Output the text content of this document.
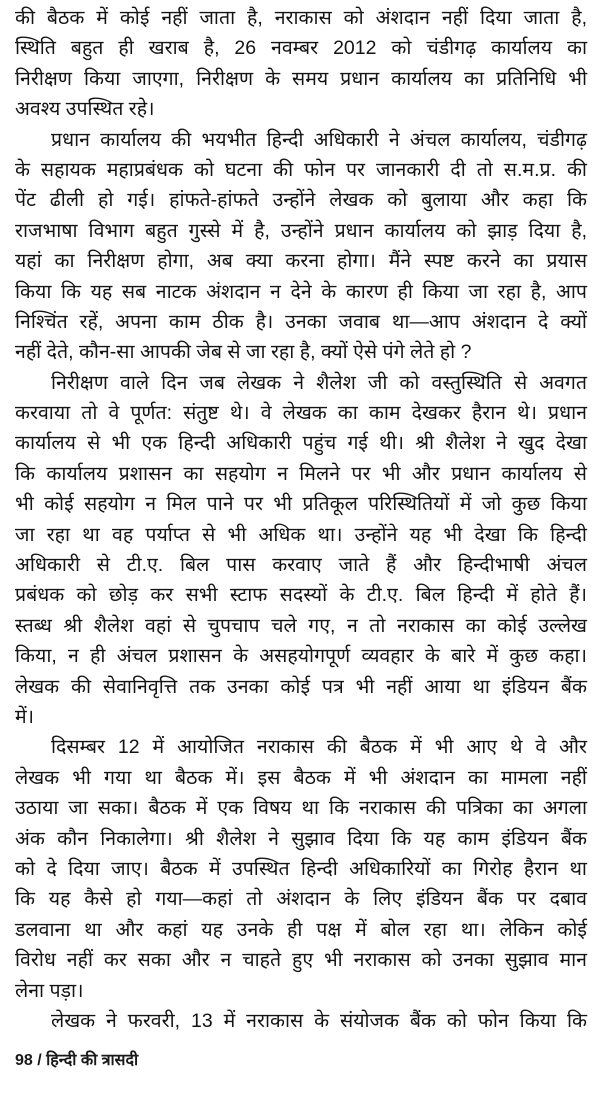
की बैठक में कोई नहीं जाता है, नराकास को अंशदान नहीं दिया जाता है,
स्थिति बहुत ही खराब है, 26 नवम्बर 2012 को चंडीगढ़ कार्यालय का
निरीक्षण किया जाएगा, निरीक्षण के समय प्रधान कार्यालय का प्रतिनिधि भी
अवश्य उपस्थित रहे।
प्रधान कार्यालय की भयभीत हिन्दी अधिकारी ने अंचल कार्यालय, चंडीगढ़
के सहायक महाप्रबंधक को घटना की फोन पर जानकारी दी तो स.म.प्र. की
पेंट ढीली हो गई। हांफते-हांफते उन्होंने लेखक को बुलाया और कहा कि
राजभाषा विभाग बहुत गुस्से में है, उन्होंने प्रधान कार्यालय को झाड़ दिया है,
यहां का निरीक्षण होगा, अब क्या करना होगा। मैंने स्पष्ट करने का प्रयास
किया कि यह सब नाटक अंशदान न देने के कारण ही किया जा रहा है, आप
निश्चिंत रहें, अपना काम ठीक है। उनका जवाब था—आप अंशदान दे क्यों
नहीं देते, कौन-सा आपकी जेब से जा रहा है, क्यों ऐसे पंगे लेते हो ?
निरीक्षण वाले दिन जब लेखक ने शैलेश जी को वस्तुस्थिति से अवगत
करवाया तो वे पूर्णत: संतुष्ट थे। वे लेखक का काम देखकर हैरान थे। प्रधान
कार्यालय से भी एक हिन्दी अधिकारी पहुंच गई थी। श्री शैलेश ने खुद देखा
कि कार्यालय प्रशासन का सहयोग न मिलने पर भी और प्रधान कार्यालय से
भी कोई सहयोग न मिल पाने पर भी प्रतिकूल परिस्थितियों में जो कुछ किया
जा रहा था वह पर्याप्त से भी अधिक था। उन्होंने यह भी देखा कि हिन्दी
अधिकारी से टी.ए. बिल पास करवाए जाते हैं और हिन्दीभाषी अंचल
प्रबंधक को छोड़ कर सभी स्टाफ सदस्यों के टी.ए. बिल हिन्दी में होते हैं।
स्तब्ध श्री शैलेश वहां से चुपचाप चले गए, न तो नराकास का कोई उल्लेख
किया, न ही अंचल प्रशासन के असहयोगपूर्ण व्यवहार के बारे में कुछ कहा।
लेखक की सेवानिवृत्ति तक उनका कोई पत्र भी नहीं आया था इंडियन बैंक
में।
दिसम्बर 12 में आयोजित नराकास की बैठक में भी आए थे वे और
लेखक भी गया था बैठक में। इस बैठक में भी अंशदान का मामला नहीं
उठाया जा सका। बैठक में एक विषय था कि नराकास की पत्रिका का अगला
अंक कौन निकालेगा। श्री शैलेश ने सुझाव दिया कि यह काम इंडियन बैंक
को दे दिया जाए। बैठक में उपस्थित हिन्दी अधिकारियों का गिरोह हैरान था
कि यह कैसे हो गया—कहां तो अंशदान के लिए इंडियन बैंक पर दबाव
डलवाना था और कहां यह उनके ही पक्ष में बोल रहा था। लेकिन कोई
विरोध नहीं कर सका और न चाहते हुए भी नराकास को उनका सुझाव मान
लेना पड़ा।
लेखक ने फरवरी, 13 में नराकास के संयोजक बैंक को फोन किया कि
98 / हिन्दी की त्रासदी
